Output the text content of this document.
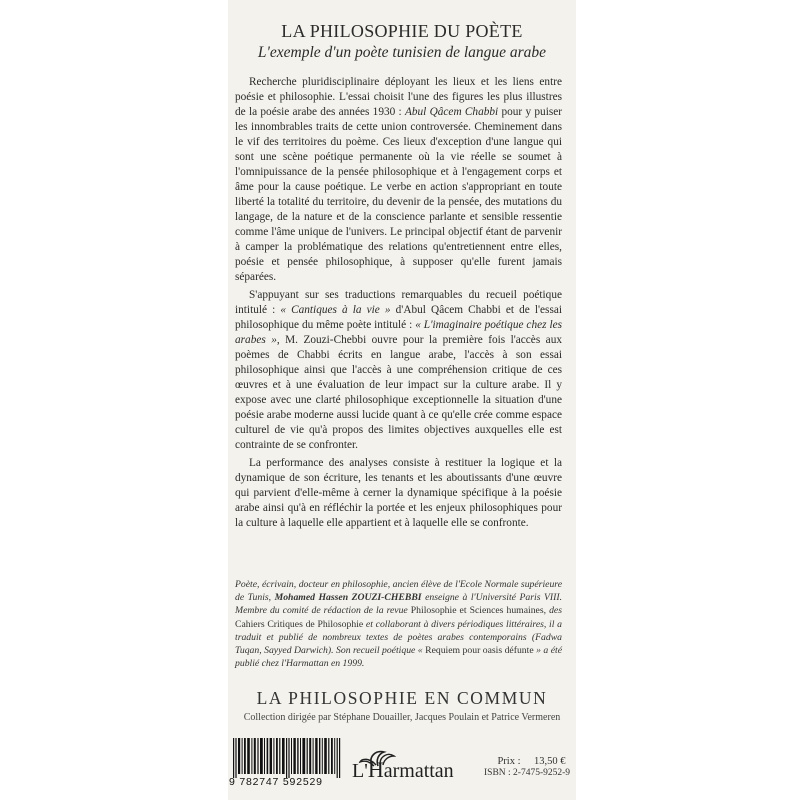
LA PHILOSOPHIE DU POÈTE
L'exemple d'un poète tunisien de langue arabe

Recherche pluridisciplinaire déployant les lieux et les liens entre poésie et philosophie. L'essai choisit l'une des figures les plus illustres de la poésie arabe des années 1930 : Abul Qâcem Chabbi pour y puiser les innombrables traits de cette union controversée. Cheminement dans le vif des territoires du poème. Ces lieux d'exception d'une langue qui sont une scène poétique permanente où la vie réelle se soumet à l'omnipuissance de la pensée philosophique et à l'engagement corps et âme pour la cause poétique. Le verbe en action s'appropriant en toute liberté la totalité du territoire, du devenir de la pensée, des mutations du langage, de la nature et de la conscience parlante et sensible ressentie comme l'âme unique de l'univers. Le principal objectif étant de parvenir à camper la problématique des relations qu'entretiennent entre elles, poésie et pensée philosophique, à supposer qu'elle furent jamais séparées.

S'appuyant sur ses traductions remarquables du recueil poétique intitulé : « Cantiques à la vie » d'Abul Qâcem Chabbi et de l'essai philosophique du même poète intitulé : « L'imaginaire poétique chez les arabes », M. Zouzi-Chebbi ouvre pour la première fois l'accès aux poèmes de Chabbi écrits en langue arabe, l'accès à son essai philosophique ainsi que l'accès à une compréhension critique de ces œuvres et à une évaluation de leur impact sur la culture arabe. Il y expose avec une clarté philosophique exceptionnelle la situation d'une poésie arabe moderne aussi lucide quant à ce qu'elle crée comme espace culturel de vie qu'à propos des limites objectives auxquelles elle est contrainte de se confronter.

La performance des analyses consiste à restituer la logique et la dynamique de son écriture, les tenants et les aboutissants d'une œuvre qui parvient d'elle-même à cerner la dynamique spécifique à la poésie arabe ainsi qu'à en réfléchir la portée et les enjeux philosophiques pour la culture à laquelle elle appartient et à laquelle elle se confronte.

Poète, écrivain, docteur en philosophie, ancien élève de l'Ecole Normale supérieure de Tunis, Mohamed Hassen ZOUZI-CHEBBI enseigne à l'Université Paris VIII. Membre du comité de rédaction de la revue Philosophie et Sciences humaines, des Cahiers Critiques de Philosophie et collaborant à divers périodiques littéraires, il a traduit et publié de nombreux textes de poètes arabes contemporains (Fadwa Tuqan, Sayyed Darwich). Son recueil poétique « Requiem pour oasis défunte » a été publié chez l'Harmattan en 1999.
LA PHILOSOPHIE EN COMMUN
Collection dirigée par Stéphane Douailler, Jacques Poulain et Patrice Vermeren
9 782747 592529	L'Harmattan	Prix : 13,50 €
ISBN : 2-7475-9252-9
